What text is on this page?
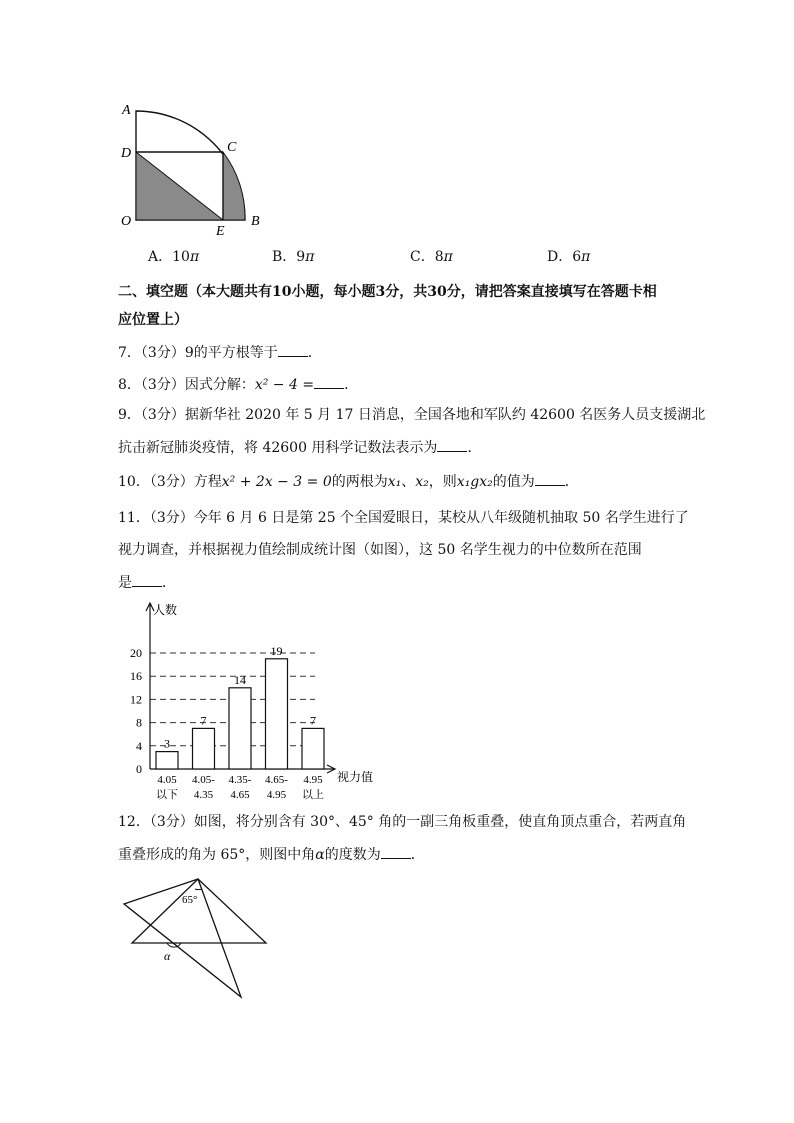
A
D	C
O
E
B
A．10π	B．9π	C．8π	D．6π
二、填空题（本大题共有10小题，每小题3分，共30分，请把答案直接填写在答题卡相
应位置上）
7．（3分）9的平方根等于 ．
8．（3分）因式分解：x² − 4 = ．
9．（3分）据新华社 2020 年 5 月 17 日消息，全国各地和军队约 42600 名医务人员支援湖北
抗击新冠肺炎疫情，将 42600 用科学记数法表示为 ．
10．（3分）方程x² + 2x − 3 = 0的两根为x₁、x₂，则x₁gx₂的值为 ．
11．（3分）今年 6 月 6 日是第 25 个全国爱眼日，某校从八年级随机抽取 50 名学生进行了
视力调查，并根据视力值绘制成统计图（如图），这 50 名学生视力的中位数所在范围
是 ．
0
4
8
12
16
20
人数
视力值
3
4.05
以下
7
4.05-
4.35
14
4.35-
4.65
19
4.65-
4.95
7
4.95
以上
12．（3分）如图，将分别含有 30°、45° 角的一副三角板重叠，使直角顶点重合，若两直角
重叠形成的角为 65°，则图中角α的度数为 ．
65°
α
